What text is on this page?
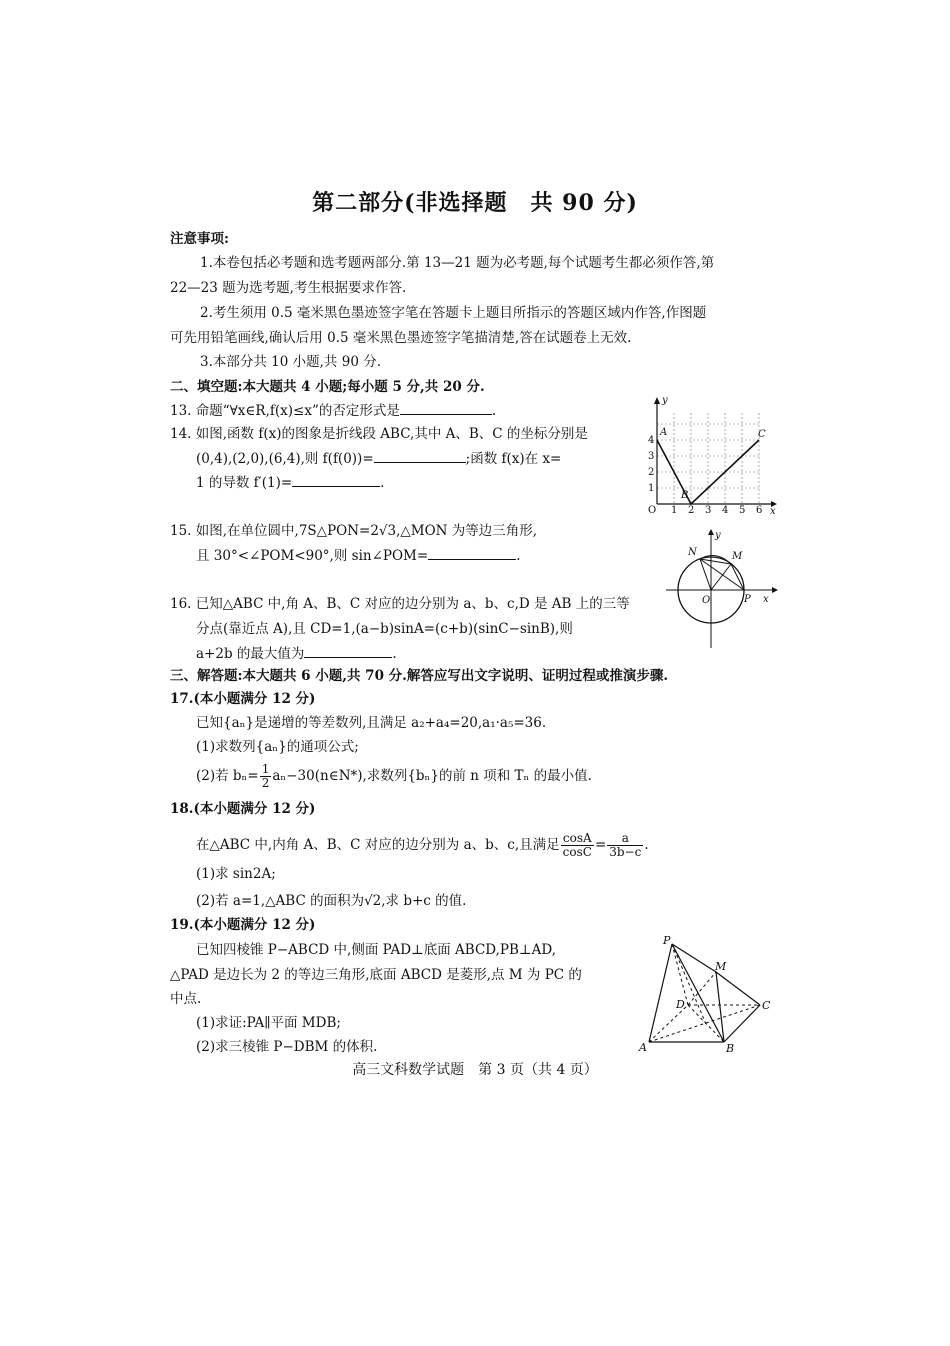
第二部分(非选择题　共 90 分)
注意事项:
1.本卷包括必考题和选考题两部分.第 13—21 题为必考题,每个试题考生都必须作答,第
22—23 题为选考题,考生根据要求作答.
2.考生须用 0.5 毫米黑色墨迹签字笔在答题卡上题目所指示的答题区域内作答,作图题
可先用铅笔画线,确认后用 0.5 毫米黑色墨迹签字笔描清楚,答在试题卷上无效.
3.本部分共 10 小题,共 90 分.
二、填空题:本大题共 4 小题;每小题 5 分,共 20 分.
13. 命题“∀x∈R,f(x)≤x”的否定形式是	.
14. 如图,函数 f(x)的图象是折线段 ABC,其中 A、B、C 的坐标分别是
(0,4),(2,0),(6,4),则 f(f(0))=	;函数 f(x)在 x=
1 的导数 f′(1)=	.
y
x
O 1 2 3 4 5 6
1
2
3
4
A
B
C
15. 如图,在单位圆中,7S△PON=2√3,△MON 为等边三角形,
且 30°<∠POM<90°,则 sin∠POM=	.	N	M
O	P x
y
16. 已知△ABC 中,角 A、B、C 对应的边分别为 a、b、c,D 是 AB 上的三等
分点(靠近点 A),且 CD=1,(a−b)sinA=(c+b)(sinC−sinB),则
a+2b 的最大值为	.
三、解答题:本大题共 6 小题,共 70 分.解答应写出文字说明、证明过程或推演步骤.
17.(本小题满分 12 分)
已知{aₙ}是递增的等差数列,且满足 a₂+a₄=20,a₁·a₅=36.
(1)求数列{aₙ}的通项公式;
(2)若 $b_n= \frac{1}{2}$ aₙ−30(n∈N*),求数列{bₙ}的前 n 项和 Tₙ 的最小值.
18.(本小题满分 12 分)
在△ABC 中,内角 A、B、C 对应的边分别为 a、b、c,且满足 $\frac{\cos A}{\cos C} = \frac{a}{3b-c}$ .
(1)求 sin2A;
(2)若 a=1,△ABC 的面积为√2,求 b+c 的值.
19.(本小题满分 12 分)
已知四棱锥 P−ABCD 中,侧面 PAD⊥底面 ABCD,PB⊥AD,
△PAD 是边长为 2 的等边三角形,底面 ABCD 是菱形,点 M 为 PC 的
中点.
(1)求证:PA∥平面 MDB;
(2)求三棱锥 P−DBM 的体积.
P
M
D	C
A	B
高三文科数学试题　第 3 页（共 4 页）
